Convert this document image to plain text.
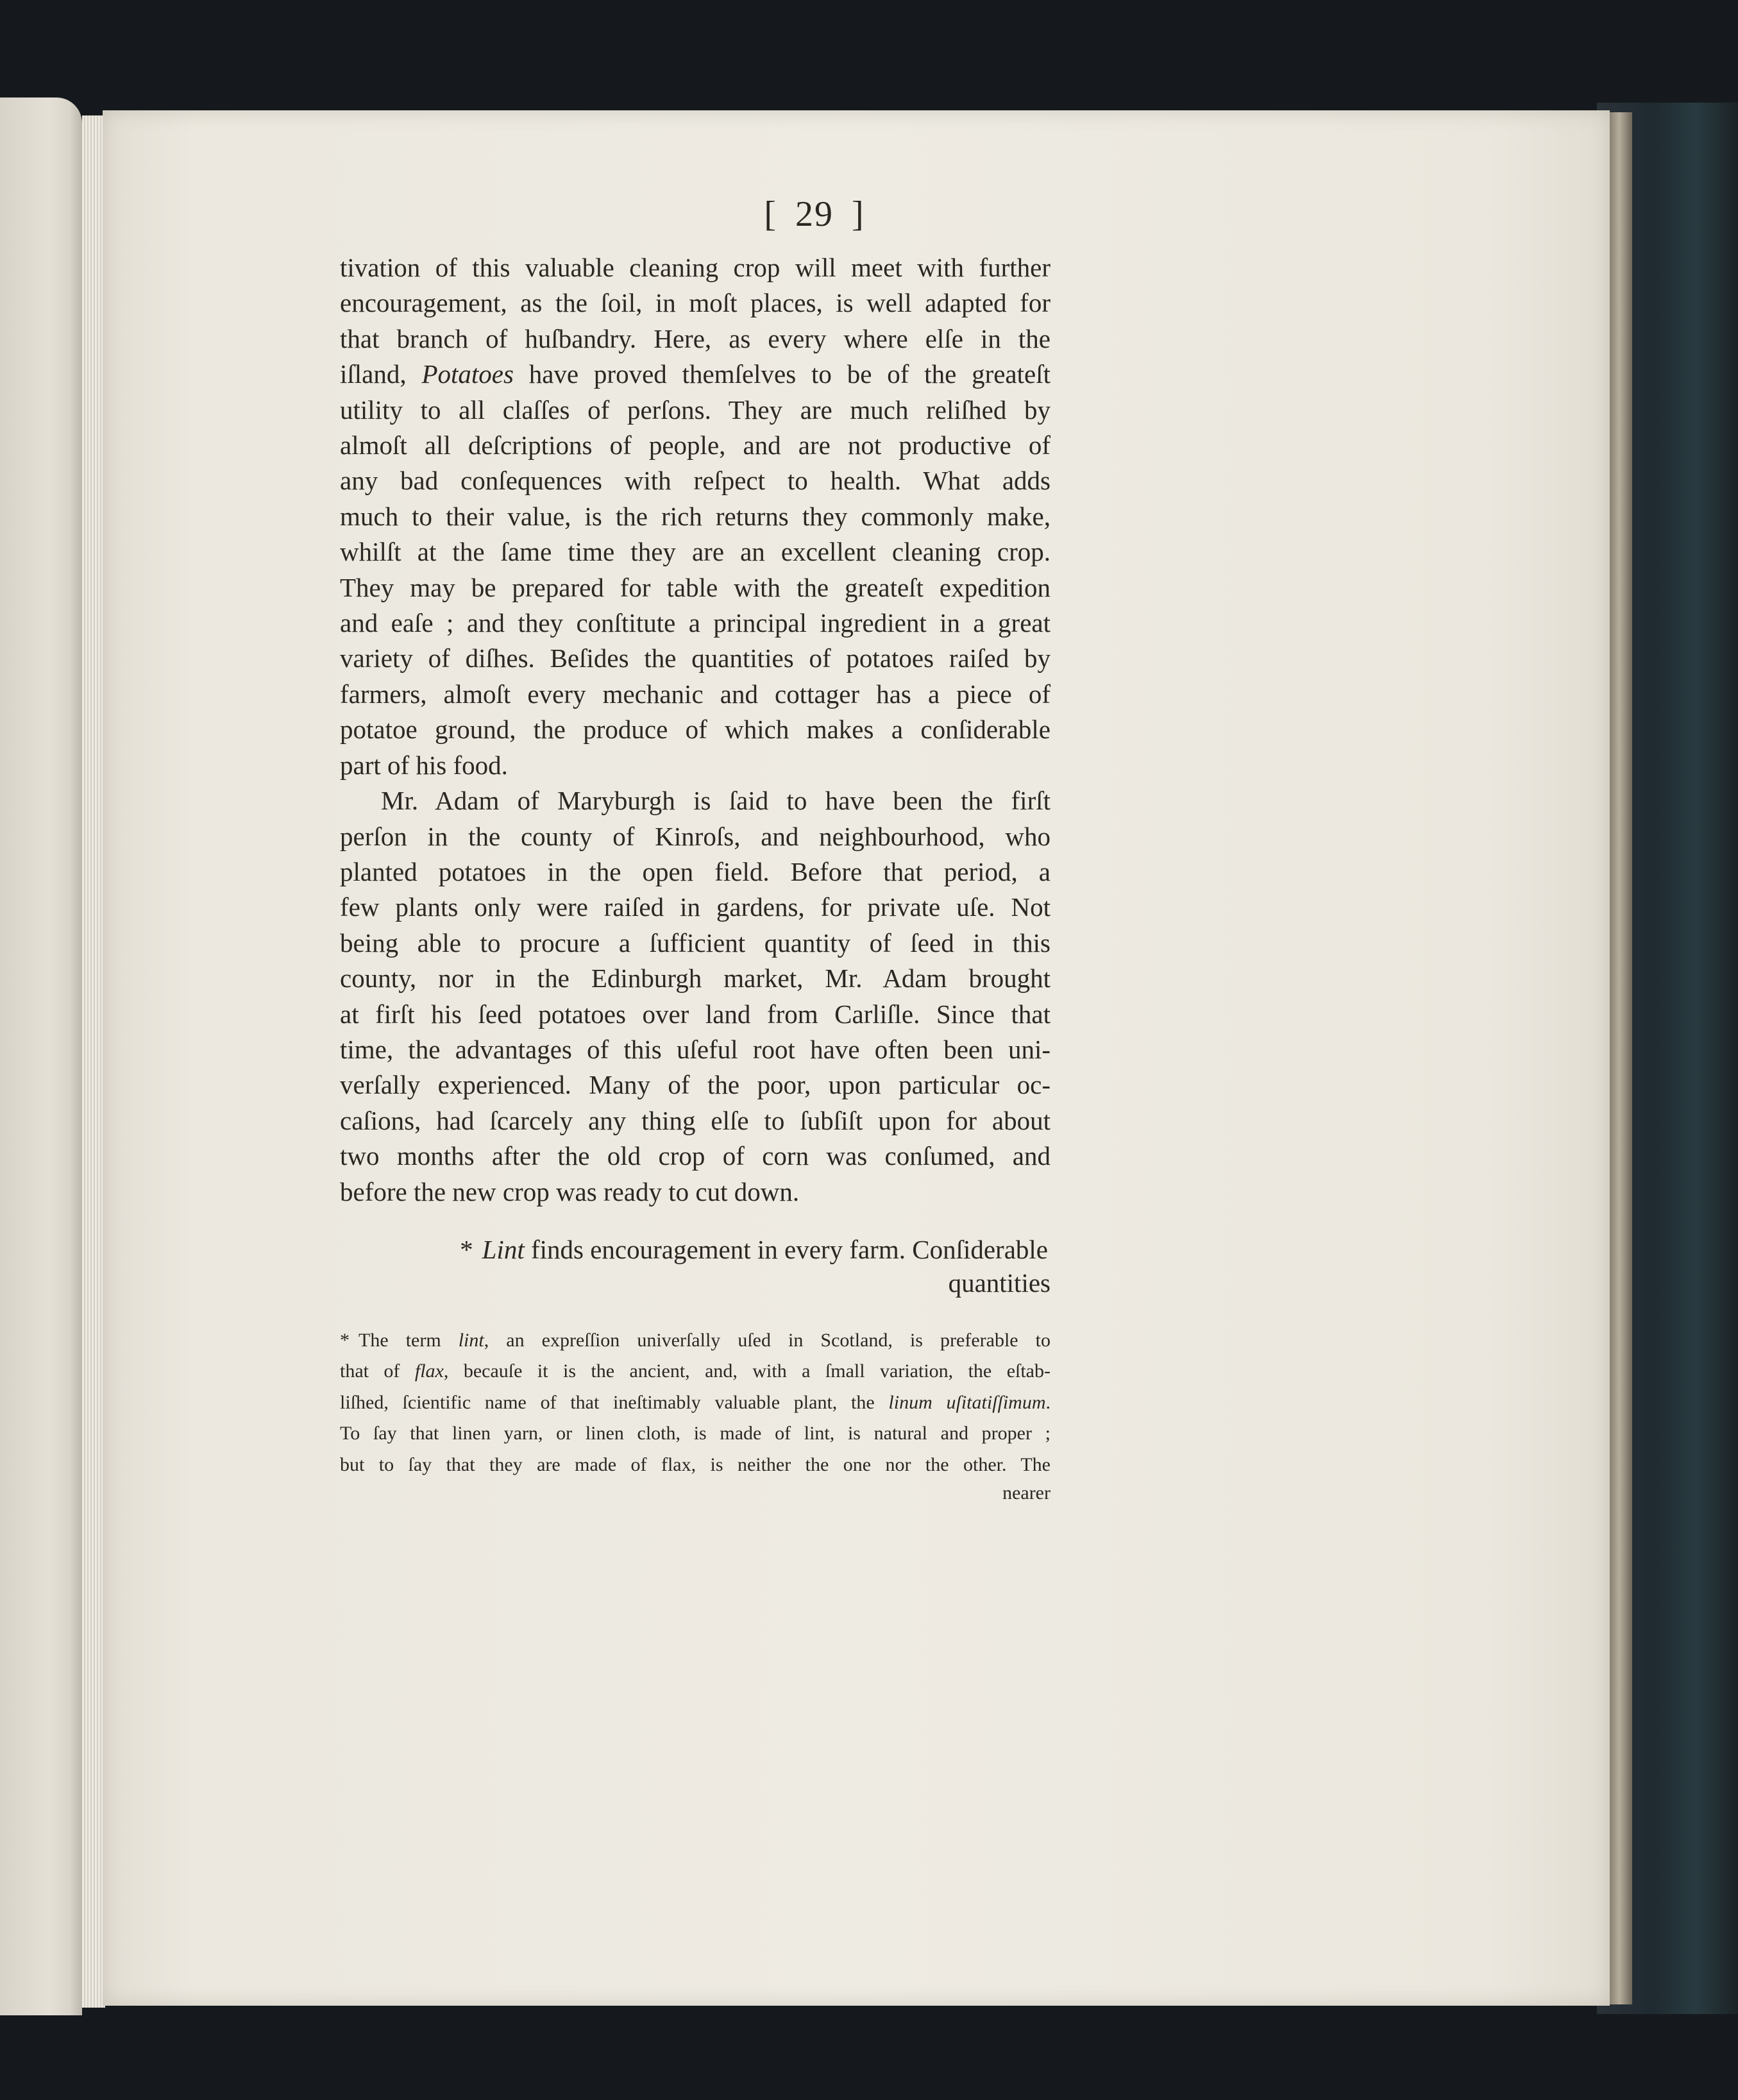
[ 29 ]

tivation of this valuable cleaning crop will meet with further

encouragement, as the ſoil, in moſt places, is well adapted for

that branch of huſbandry. Here, as every where elſe in the

iſland, Potatoes have proved themſelves to be of the greateſt

utility to all claſſes of perſons. They are much reliſhed by

almoſt all deſcriptions of people, and are not productive of

any bad conſequences with reſpect to health. What adds

much to their value, is the rich returns they commonly make,

whilſt at the ſame time they are an excellent cleaning crop.

They may be prepared for table with the greateſt expedition

and eaſe ; and they conſtitute a principal ingredient in a great

variety of diſhes. Beſides the quantities of potatoes raiſed by

farmers, almoſt every mechanic and cottager has a piece of

potatoe ground, the produce of which makes a conſiderable

part of his food.

Mr. Adam of Maryburgh is ſaid to have been the firſt

perſon in the county of Kinroſs, and neighbourhood, who

planted potatoes in the open field. Before that period, a

few plants only were raiſed in gardens, for private uſe. Not

being able to procure a ſufficient quantity of ſeed in this

county, nor in the Edinburgh market, Mr. Adam brought

at firſt his ſeed potatoes over land from Carliſle. Since that

time, the advantages of this uſeful root have often been uni-

verſally experienced. Many of the poor, upon particular oc-

caſions, had ſcarcely any thing elſe to ſubſiſt upon for about

two months after the old crop of corn was conſumed, and

before the new crop was ready to cut down.

* Lint finds encouragement in every farm. Conſiderable

quantities

* The term lint, an expreſſion univerſally uſed in Scotland, is preferable to
that of flax, becauſe it is the ancient, and, with a ſmall variation, the eſtab-
liſhed, ſcientific name of that ineſtimably valuable plant, the linum uſitatiſſimum.
To ſay that linen yarn, or linen cloth, is made of lint, is natural and proper ;
but to ſay that they are made of flax, is neither the one nor the other. The

nearer
